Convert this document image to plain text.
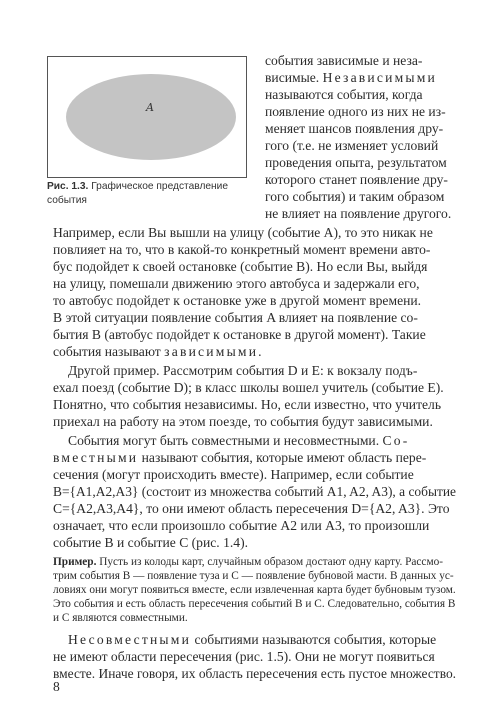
A
Рис. 1.3. Графическое представление события
события зависимые и неза-
висимые. Независимыми
называются события, когда
появление одного из них не из-
меняет шансов появления дру-
гого (т.е. не изменяет условий
проведения опыта, результатом
которого станет появление дру-
гого события) и таким образом
не влияет на появление другого.
Например, если Вы вышли на улицу (событие A), то это никак не
повлияет на то, что в какой-то конкретный момент времени авто-
бус подойдет к своей остановке (событие B). Но если Вы, выйдя
на улицу, помешали движению этого автобуса и задержали его,
то автобус подойдет к остановке уже в другой момент времени.
В этой ситуации появление события A влияет на появление со-
бытия B (автобус подойдет к остановке в другой момент). Такие
события называют зависимыми.
Другой пример. Рассмотрим события D и E: к вокзалу подъ-
ехал поезд (событие D); в класс школы вошел учитель (событие E).
Понятно, что события независимы. Но, если известно, что учитель
приехал на работу на этом поезде, то события будут зависимыми.
События могут быть совместными и несовместными. Со-
вместными называют события, которые имеют область пере-
сечения (могут происходить вместе). Например, если событие
B={A1,A2,A3} (состоит из множества событий A1, A2, A3), а событие
C={A2,A3,A4}, то они имеют область пересечения D={A2, A3}. Это
означает, что если произошло событие A2 или A3, то произошли
событие B и событие C (рис. 1.4).
Пример. Пусть из колоды карт, случайным образом достают одну карту. Рассмо-
трим события B — появление туза и C — появление бубновой масти. В данных ус-
ловиях они могут появиться вместе, если извлеченная карта будет бубновым тузом.
Это события и есть область пересечения событий B и C. Следовательно, события B
и C являются совместными.
Несовместными событиями называются события, которые
не имеют области пересечения (рис. 1.5). Они не могут появиться
вместе. Иначе говоря, их область пересечения есть пустое множество.
8
